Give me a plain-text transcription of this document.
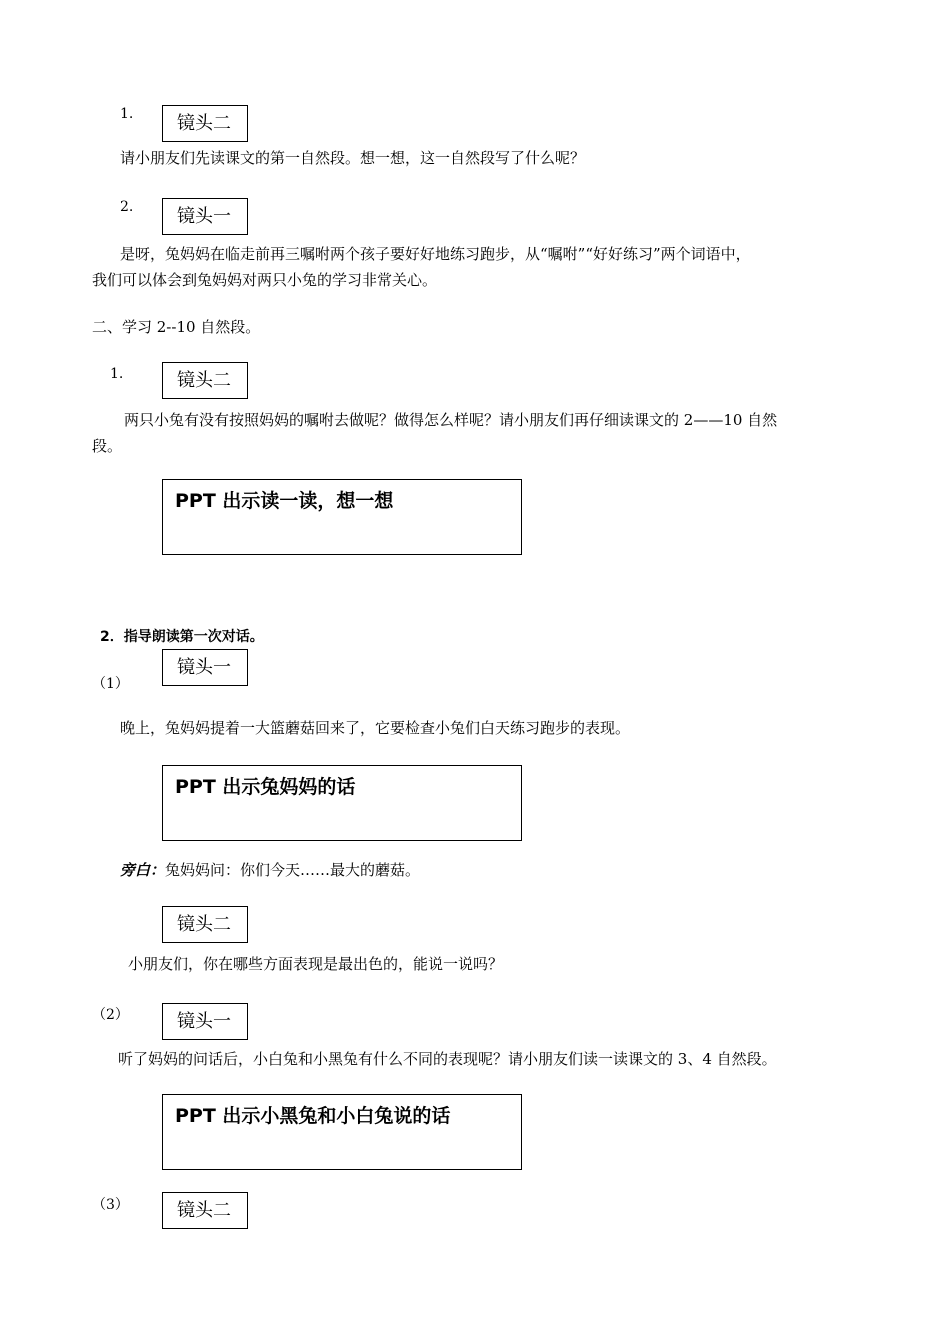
1.	镜头二
请小朋友们先读课文的第一自然段。想一想，这一自然段写了什么呢？
2.	镜头一
是呀，兔妈妈在临走前再三嘱咐两个孩子要好好地练习跑步，从“嘱咐”“好好练习”两个词语中，
我们可以体会到兔妈妈对两只小兔的学习非常关心。
二、学习 2--10 自然段。
1.	镜头二
两只小兔有没有按照妈妈的嘱咐去做呢？做得怎么样呢？请小朋友们再仔细读课文的 2——10 自然
段。
PPT 出示读一读，想一想
2．指导朗读第一次对话。
镜头一
（1）
晚上，兔妈妈提着一大篮蘑菇回来了，它要检查小兔们白天练习跑步的表现。
PPT 出示兔妈妈的话
旁白：兔妈妈问：你们今天……最大的蘑菇。
镜头二
小朋友们，你在哪些方面表现是最出色的，能说一说吗？
（2）	镜头一
听了妈妈的问话后，小白兔和小黑兔有什么不同的表现呢？请小朋友们读一读课文的 3、4 自然段。
PPT 出示小黑兔和小白兔说的话
（3）	镜头二
